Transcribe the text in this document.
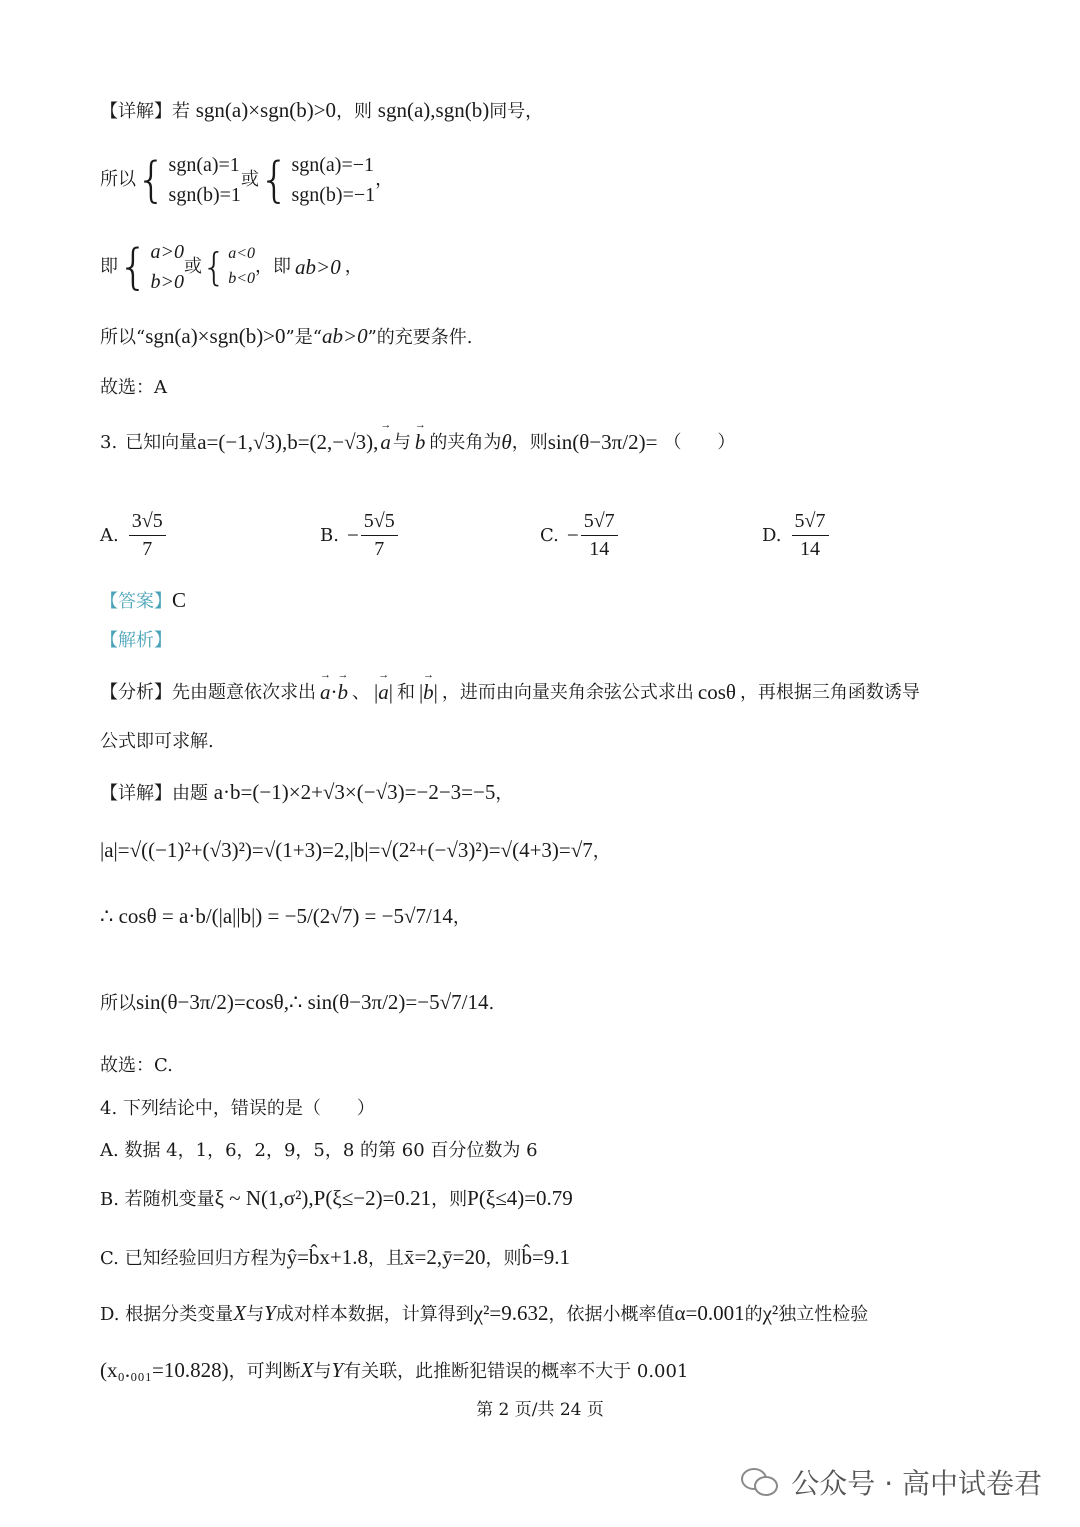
【详解】若 sgn(a)×sgn(b)>0，则 sgn(a),sgn(b)同号，
所以 { sgn(a)=1
sgn(b)=1
或 { sgn(a)=−1
sgn(b)=−1
，
即 { a>0
b>0
或 { a<0
b<0
，即 ab>0 ，
所以“sgn(a)×sgn(b)>0”是“ab>0”的充要条件.
故选：A
3. 已知向量 a=(−1,√3), b=(2,−√3), → a 与 → b 的夹角为 θ ，则 sin(θ−3π/2)= （　　）
A. $\frac{3√5}{7}$	B. − $\frac{5√5}{7}$	C. − $\frac{5√7}{14}$	D. $\frac{5√7}{14}$
【答案】C
【解析】
【分析】 先由题意依次求出 → a·→ b 、 |→ a| 和 |→ b| ，进而由向量夹角余弦公式求出 cosθ ，再根据三角函数诱导
公式即可求解.
【详解】由题 a·b=(−1)×2+√3×(−√3)=−2−3=−5，
|a|=√((−1)²+(√3)²)=√(1+3)=2,|b|=√(2²+(−√3)²)=√(4+3)=√7，
∴ cosθ = a·b/(|a||b|) = −5/(2√7) = −5√7/14，
所以sin(θ−3π/2)=cosθ,∴ sin(θ−3π/2)=−5√7/14.
故选：C.
4. 下列结论中，错误的是（　　）
A. 数据 4，1，6，2，9，5，8 的第 60 百分位数为 6
B. 若随机变量ξ ~ N(1,σ²),P(ξ≤−2)=0.21，则P(ξ≤4)=0.79
C. 已知经验回归方程为ŷ=b̂x+1.8，且x̄=2,ȳ=20，则b̂=9.1
D. 根据分类变量X与Y成对样本数据，计算得到χ²=9.632，依据小概率值α=0.001的χ²独立性检验
(x₀.₀₀₁=10.828)，可判断X与Y有关联，此推断犯错误的概率不大于 0.001
第 2 页/共 24 页
公众号 · 高中试卷君
